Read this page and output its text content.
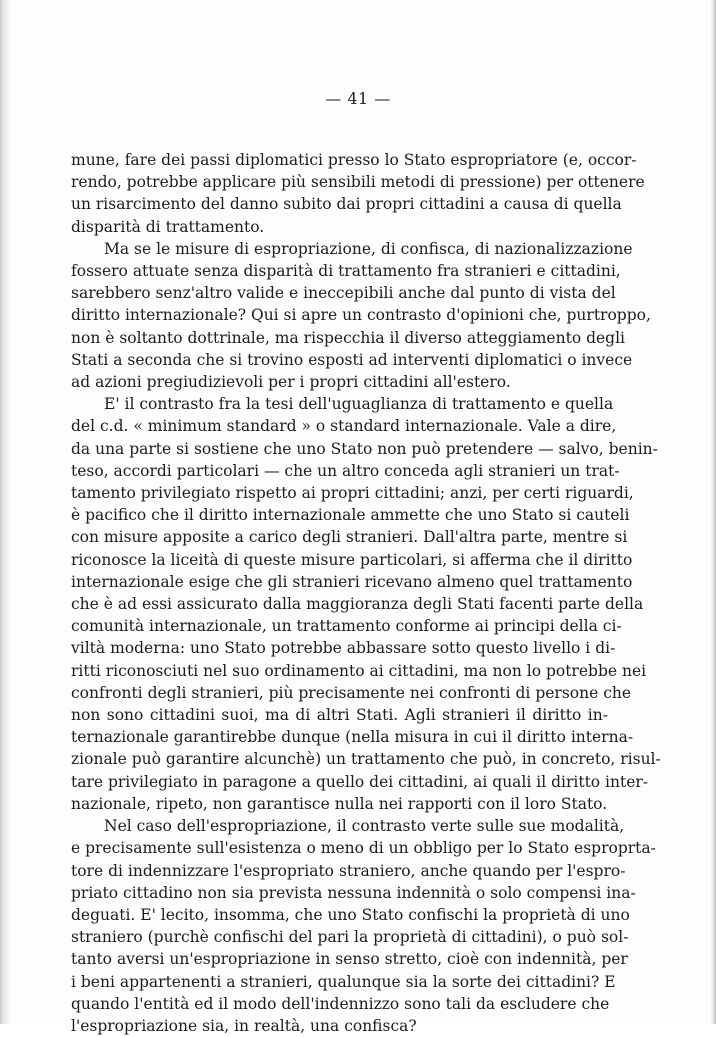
— 41 —

mune, fare dei passi diplomatici presso lo Stato espropriatore (e, occor-
rendo, potrebbe applicare più sensibili metodi di pressione) per ottenere
un risarcimento del danno subito dai propri cittadini a causa di quella
disparità di trattamento.

Ma se le misure di espropriazione, di confisca, di nazionalizzazione
fossero attuate senza disparità di trattamento fra stranieri e cittadini,
sarebbero senz'altro valide e ineccepibili anche dal punto di vista del
diritto internazionale? Qui si apre un contrasto d'opinioni che, purtroppo,
non è soltanto dottrinale, ma rispecchia il diverso atteggiamento degli
Stati a seconda che si trovino esposti ad interventi diplomatici o invece
ad azioni pregiudizievoli per i propri cittadini all'estero.

E' il contrasto fra la tesi dell'uguaglianza di trattamento e quella
del c.d. « minimum standard » o standard internazionale. Vale a dire,
da una parte si sostiene che uno Stato non può pretendere — salvo, benin-
teso, accordi particolari — che un altro conceda agli stranieri un trat-
tamento privilegiato rispetto ai propri cittadini; anzi, per certi riguardi,
è pacifico che il diritto internazionale ammette che uno Stato si cauteli
con misure apposite a carico degli stranieri. Dall'altra parte, mentre si
riconosce la liceità di queste misure particolari, si afferma che il diritto
internazionale esige che gli stranieri ricevano almeno quel trattamento
che è ad essi assicurato dalla maggioranza degli Stati facenti parte della
comunità internazionale, un trattamento conforme ai principi della ci-
viltà moderna: uno Stato potrebbe abbassare sotto questo livello i di-
ritti riconosciuti nel suo ordinamento ai cittadini, ma non lo potrebbe nei
confronti degli stranieri, più precisamente nei confronti di persone che
non sono cittadini suoi, ma di altri Stati. Agli stranieri il diritto in-
ternazionale garantirebbe dunque (nella misura in cui il diritto interna-
zionale può garantire alcunchè) un trattamento che può, in concreto, risul-
tare privilegiato in paragone a quello dei cittadini, ai quali il diritto inter-
nazionale, ripeto, non garantisce nulla nei rapporti con il loro Stato.

Nel caso dell'espropriazione, il contrasto verte sulle sue modalità,
e precisamente sull'esistenza o meno di un obbligo per lo Stato esproprta-
tore di indennizzare l'espropriato straniero, anche quando per l'espro-
priato cittadino non sia prevista nessuna indennità o solo compensi ina-
deguati. E' lecito, insomma, che uno Stato confischi la proprietà di uno
straniero (purchè confischi del pari la proprietà di cittadini), o può sol-
tanto aversi un'espropriazione in senso stretto, cioè con indennità, per
i beni appartenenti a stranieri, qualunque sia la sorte dei cittadini? E
quando l'entità ed il modo dell'indennizzo sono tali da escludere che
l'espropriazione sia, in realtà, una confisca?
